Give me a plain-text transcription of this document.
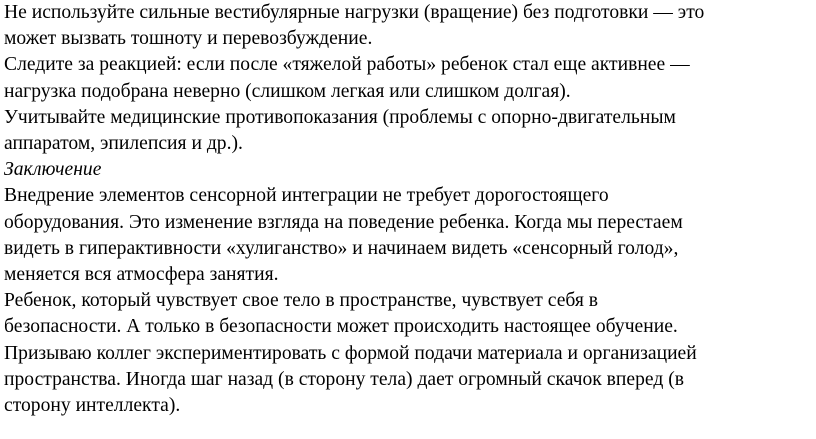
Не используйте сильные вестибулярные нагрузки (вращение) без подготовки — это
может вызвать тошноту и перевозбуждение.

Следите за реакцией: если после «тяжелой работы» ребенок стал еще активнее —
нагрузка подобрана неверно (слишком легкая или слишком долгая).

Учитывайте медицинские противопоказания (проблемы с опорно-двигательным
аппаратом, эпилепсия и др.).

Заключение

Внедрение элементов сенсорной интеграции не требует дорогостоящего
оборудования. Это изменение взгляда на поведение ребенка. Когда мы перестаем
видеть в гиперактивности «хулиганство» и начинаем видеть «сенсорный голод»,
меняется вся атмосфера занятия.

Ребенок, который чувствует свое тело в пространстве, чувствует себя в
безопасности. А только в безопасности может происходить настоящее обучение.

Призываю коллег экспериментировать с формой подачи материала и организацией
пространства. Иногда шаг назад (в сторону тела) дает огромный скачок вперед (в
сторону интеллекта).
